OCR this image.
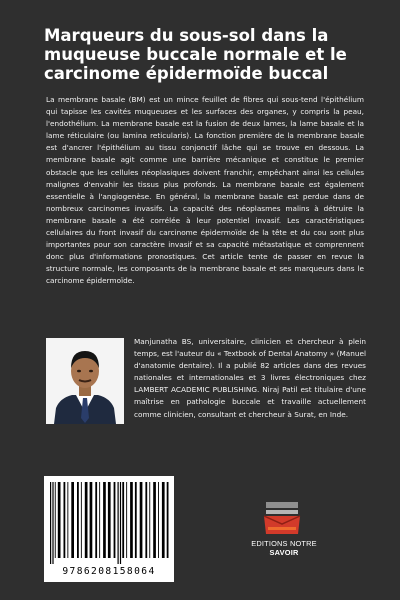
Marqueurs du sous-sol dans la muqueuse buccale normale et le carcinome épidermoïde buccal

La membrane basale (BM) est un mince feuillet de fibres qui sous-tend l'épithélium qui tapisse les cavités muqueuses et les surfaces des organes, y compris la peau, l'endothélium. La membrane basale est la fusion de deux lames, la lame basale et la lame réticulaire (ou lamina reticularis). La fonction première de la membrane basale est d'ancrer l'épithélium au tissu conjonctif lâche qui se trouve en dessous. La membrane basale agit comme une barrière mécanique et constitue le premier obstacle que les cellules néoplasiques doivent franchir, empêchant ainsi les cellules malignes d'envahir les tissus plus profonds. La membrane basale est également essentielle à l'angiogenèse. En général, la membrane basale est perdue dans de nombreux carcinomes invasifs. La capacité des néoplasmes malins à détruire la membrane basale a été corrélée à leur potentiel invasif. Les caractéristiques cellulaires du front invasif du carcinome épidermoïde de la tête et du cou sont plus importantes pour son caractère invasif et sa capacité métastatique et comprennent donc plus d'informations pronostiques. Cet article tente de passer en revue la structure normale, les composants de la membrane basale et ses marqueurs dans le carcinome épidermoïde.

Manjunatha BS, universitaire, clinicien et chercheur à plein temps, est l'auteur du « Textbook of Dental Anatomy » (Manuel d'anatomie dentaire). Il a publié 82 articles dans des revues nationales et internationales et 3 livres électroniques chez LAMBERT ACADEMIC PUBLISHING. Niraj Patil est titulaire d'une maîtrise en pathologie buccale et travaille actuellement comme clinicien, consultant et chercheur à Surat, en Inde.

9786208158064
EDITIONS NOTRE SAVOIR
